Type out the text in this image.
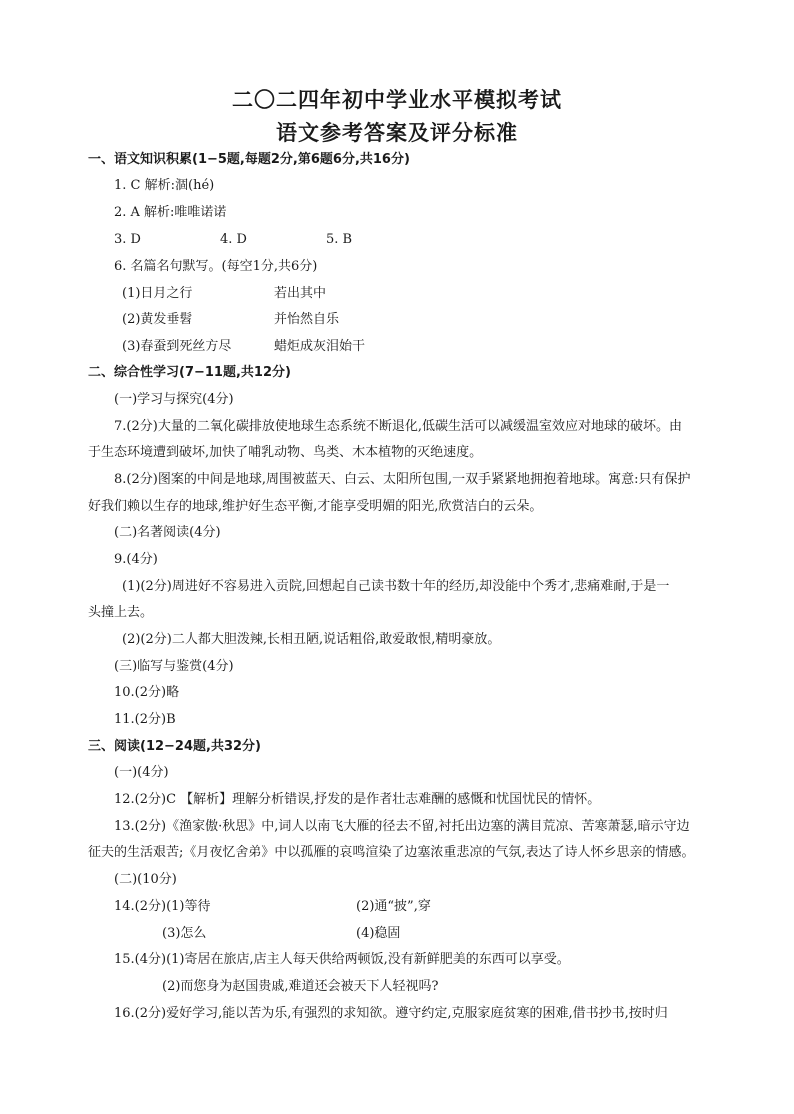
二〇二四年初中学业水平模拟考试
语文参考答案及评分标准
一、语文知识积累(1−5题,每题2分,第6题6分,共16分)
1. C 解析:涸(hé)
2. A 解析:唯唯诺诺
3. D	4. D	5. B
6. 名篇名句默写。(每空1分,共6分)
(1)日月之行	若出其中
(2)黄发垂髫	并怡然自乐
(3)春蚕到死丝方尽	蜡炬成灰泪始干
二、综合性学习(7−11题,共12分)
(一)学习与探究(4分)
7.(2分)大量的二氧化碳排放使地球生态系统不断退化,低碳生活可以减缓温室效应对地球的破坏。由
于生态环境遭到破坏,加快了哺乳动物、鸟类、木本植物的灭绝速度。
8.(2分)图案的中间是地球,周围被蓝天、白云、太阳所包围,一双手紧紧地拥抱着地球。寓意:只有保护
好我们赖以生存的地球,维护好生态平衡,才能享受明媚的阳光,欣赏洁白的云朵。
(二)名著阅读(4分)
9.(4分)
(1)(2分)周进好不容易进入贡院,回想起自己读书数十年的经历,却没能中个秀才,悲痛难耐,于是一
头撞上去。
(2)(2分)二人都大胆泼辣,长相丑陋,说话粗俗,敢爱敢恨,精明豪放。
(三)临写与鉴赏(4分)
10.(2分)略
11.(2分)B
三、阅读(12−24题,共32分)
(一)(4分)
12.(2分)C 【解析】理解分析错误,抒发的是作者壮志难酬的感慨和忧国忧民的情怀。
13.(2分)《渔家傲·秋思》中,词人以南飞大雁的径去不留,衬托出边塞的满目荒凉、苦寒萧瑟,暗示守边
征夫的生活艰苦;《月夜忆舍弟》中以孤雁的哀鸣渲染了边塞浓重悲凉的气氛,表达了诗人怀乡思亲的情感。
(二)(10分)
14.(2分)(1)等待	(2)通“披”,穿
(3)怎么	(4)稳固
15.(4分)(1)寄居在旅店,店主人每天供给两顿饭,没有新鲜肥美的东西可以享受。
(2)而您身为赵国贵戚,难道还会被天下人轻视吗?
16.(2分)爱好学习,能以苦为乐,有强烈的求知欲。遵守约定,克服家庭贫寒的困难,借书抄书,按时归
